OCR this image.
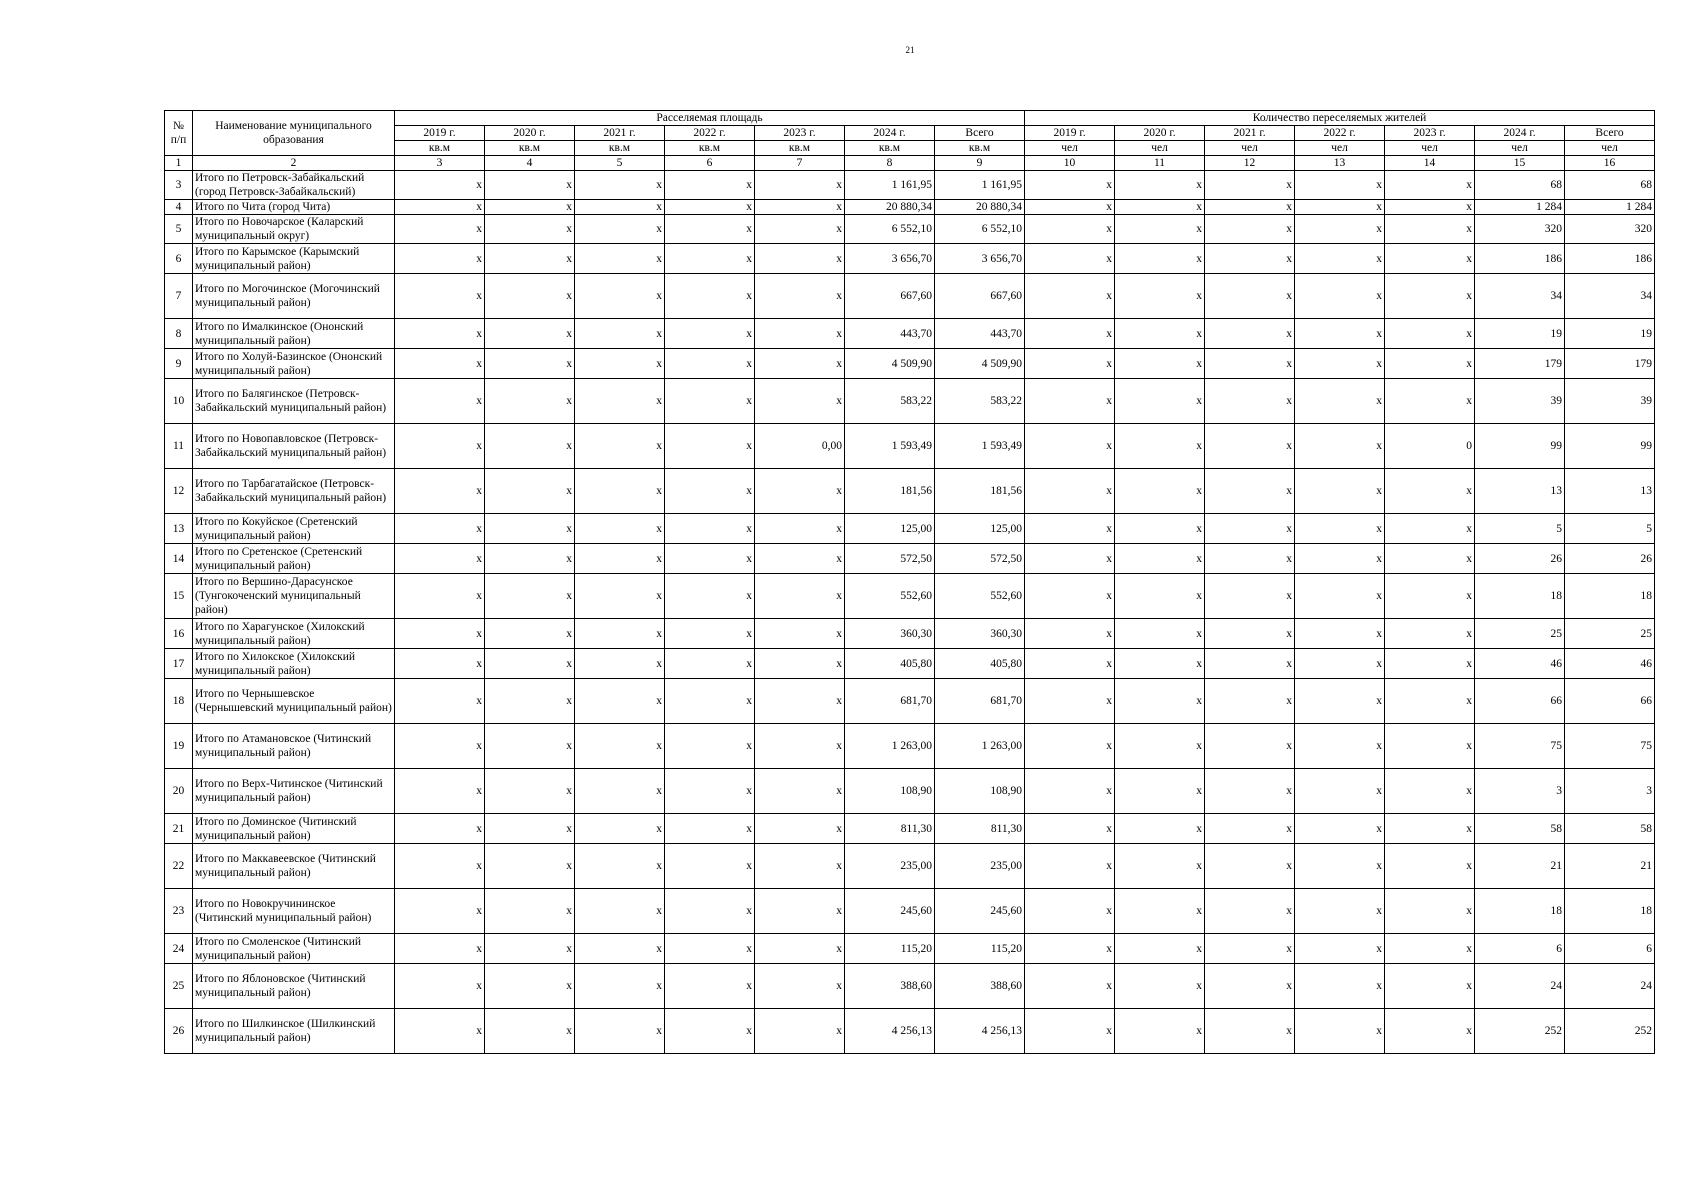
21
№ п/п	Наименование муниципального образования	Расселяемая площадь							Количество переселяемых жителей						
		2019 г.	2020 г.	2021 г.	2022 г.	2023 г.	2024 г.	Всего	2019 г.	2020 г.	2021 г.	2022 г.	2023 г.	2024 г.	Всего
		кв.м	кв.м	кв.м	кв.м	кв.м	кв.м	кв.м	чел	чел	чел	чел	чел	чел	чел
1	2	3	4	5	6	7	8	9	10	11	12	13	14	15	16
3	Итого по Петровск-Забайкальский (город Петровск-Забайкальский)	x	x	x	x	x	1 161,95	1 161,95	x	x	x	x	x	68	68
4	Итого по Чита (город Чита)	x	x	x	x	x	20 880,34	20 880,34	x	x	x	x	x	1 284	1 284
5	Итого по Новочарское (Каларский муниципальный округ)	x	x	x	x	x	6 552,10	6 552,10	x	x	x	x	x	320	320
6	Итого по Карымское (Карымский муниципальный район)	x	x	x	x	x	3 656,70	3 656,70	x	x	x	x	x	186	186
7	Итого по Могочинское (Могочинский муниципальный район)	x	x	x	x	x	667,60	667,60	x	x	x	x	x	34	34
8	Итого по Ималкинское (Ононский муниципальный район)	x	x	x	x	x	443,70	443,70	x	x	x	x	x	19	19
9	Итого по Холуй-Базинское (Ононский муниципальный район)	x	x	x	x	x	4 509,90	4 509,90	x	x	x	x	x	179	179
10	Итого по Балягинское (Петровск-Забайкальский муниципальный район)	x	x	x	x	x	583,22	583,22	x	x	x	x	x	39	39
11	Итого по Новопавловское (Петровск-Забайкальский муниципальный район)	x	x	x	x	0,00	1 593,49	1 593,49	x	x	x	x	0	99	99
12	Итого по Тарбагатайское (Петровск-Забайкальский муниципальный район)	x	x	x	x	x	181,56	181,56	x	x	x	x	x	13	13
13	Итого по Кокуйское (Сретенский муниципальный район)	x	x	x	x	x	125,00	125,00	x	x	x	x	x	5	5
14	Итого по Сретенское (Сретенский муниципальный район)	x	x	x	x	x	572,50	572,50	x	x	x	x	x	26	26
15	Итого по Вершино-Дарасунское (Тунгокоченский муниципальный район)	x	x	x	x	x	552,60	552,60	x	x	x	x	x	18	18
16	Итого по Харагунское (Хилокский муниципальный район)	x	x	x	x	x	360,30	360,30	x	x	x	x	x	25	25
17	Итого по Хилокское (Хилокский муниципальный район)	x	x	x	x	x	405,80	405,80	x	x	x	x	x	46	46
18	Итого по Чернышевское (Чернышевский муниципальный район)	x	x	x	x	x	681,70	681,70	x	x	x	x	x	66	66
19	Итого по Атамановское (Читинский муниципальный район)	x	x	x	x	x	1 263,00	1 263,00	x	x	x	x	x	75	75
20	Итого по Верх-Читинское (Читинский муниципальный район)	x	x	x	x	x	108,90	108,90	x	x	x	x	x	3	3
21	Итого по Доминское (Читинский муниципальный район)	x	x	x	x	x	811,30	811,30	x	x	x	x	x	58	58
22	Итого по Маккавеевское (Читинский муниципальный район)	x	x	x	x	x	235,00	235,00	x	x	x	x	x	21	21
23	Итого по Новокручининское (Читинский муниципальный район)	x	x	x	x	x	245,60	245,60	x	x	x	x	x	18	18
24	Итого по Смоленское (Читинский муниципальный район)	x	x	x	x	x	115,20	115,20	x	x	x	x	x	6	6
25	Итого по Яблоновское (Читинский муниципальный район)	x	x	x	x	x	388,60	388,60	x	x	x	x	x	24	24
26	Итого по Шилкинское (Шилкинский муниципальный район)	x	x	x	x	x	4 256,13	4 256,13	x	x	x	x	x	252	252
